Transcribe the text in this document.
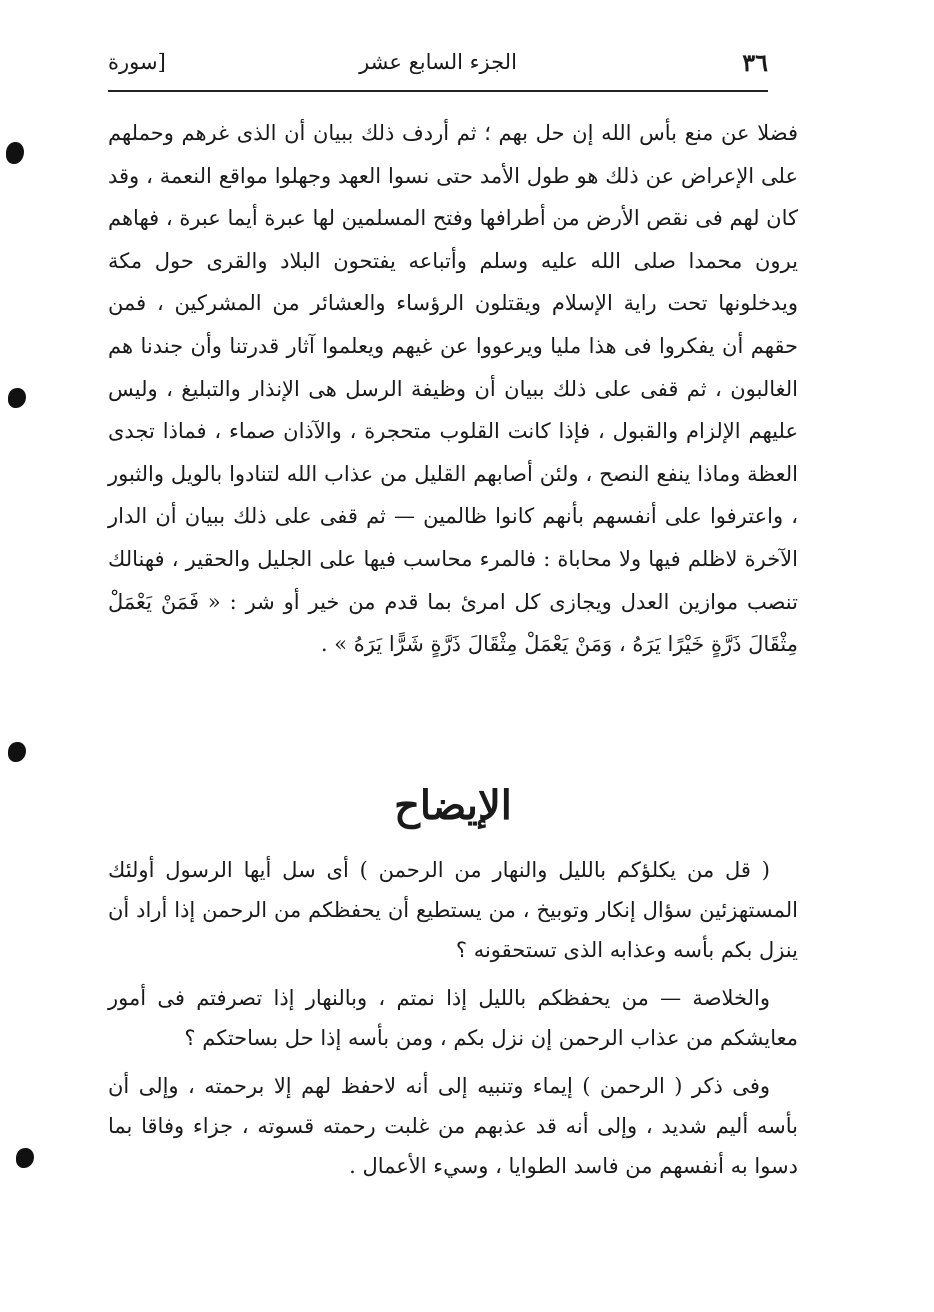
٣٦
الجزء السابع عشر
[سورة

فضلا عن منع بأس الله إن حل بهم ؛ ثم أردف ذلك ببيان أن الذى غرهم وحملهم على الإعراض عن ذلك هو طول الأمد حتى نسوا العهد وجهلوا مواقع النعمة ، وقد كان لهم فى نقص الأرض من أطرافها وفتح المسلمين لها عبرة أيما عبرة ، فهاهم يرون محمدا صلى الله عليه وسلم وأتباعه يفتحون البلاد والقرى حول مكة ويدخلونها تحت راية الإسلام ويقتلون الرؤساء والعشائر من المشركين ، فمن حقهم أن يفكروا فى هذا مليا ويرعووا عن غيهم ويعلموا آثار قدرتنا وأن جندنا هم الغالبون ، ثم قفى على ذلك ببيان أن وظيفة الرسل هى الإنذار والتبليغ ، وليس عليهم الإلزام والقبول ، فإذا كانت القلوب متحجرة ، والآذان صماء ، فماذا تجدى العظة وماذا ينفع النصح ، ولئن أصابهم القليل من عذاب الله لتنادوا بالويل والثبور ، واعترفوا على أنفسهم بأنهم كانوا ظالمين — ثم قفى على ذلك ببيان أن الدار الآخرة لاظلم فيها ولا محاباة : فالمرء محاسب فيها على الجليل والحقير ، فهنالك تنصب موازين العدل ويجازى كل امرئ بما قدم من خير أو شر : « فَمَنْ يَعْمَلْ مِثْقَالَ ذَرَّةٍ خَيْرًا يَرَهُ ، وَمَنْ يَعْمَلْ مِثْقَالَ ذَرَّةٍ شَرًّا يَرَهُ » .

الإيضاح

( قل من يكلؤكم بالليل والنهار من الرحمن ) أى سل أيها الرسول أولئك المستهزئين سؤال إنكار وتوبيخ ، من يستطيع أن يحفظكم من الرحمن إذا أراد أن ينزل بكم بأسه وعذابه الذى تستحقونه ؟

والخلاصة — من يحفظكم بالليل إذا نمتم ، وبالنهار إذا تصرفتم فى أمور معايشكم من عذاب الرحمن إن نزل بكم ، ومن بأسه إذا حل بساحتكم ؟

وفى ذكر ( الرحمن ) إيماء وتنبيه إلى أنه لاحفظ لهم إلا برحمته ، وإلى أن بأسه أليم شديد ، وإلى أنه قد عذبهم من غلبت رحمته قسوته ، جزاء وفاقا بما دسوا به أنفسهم من فاسد الطوايا ، وسيء الأعمال .
